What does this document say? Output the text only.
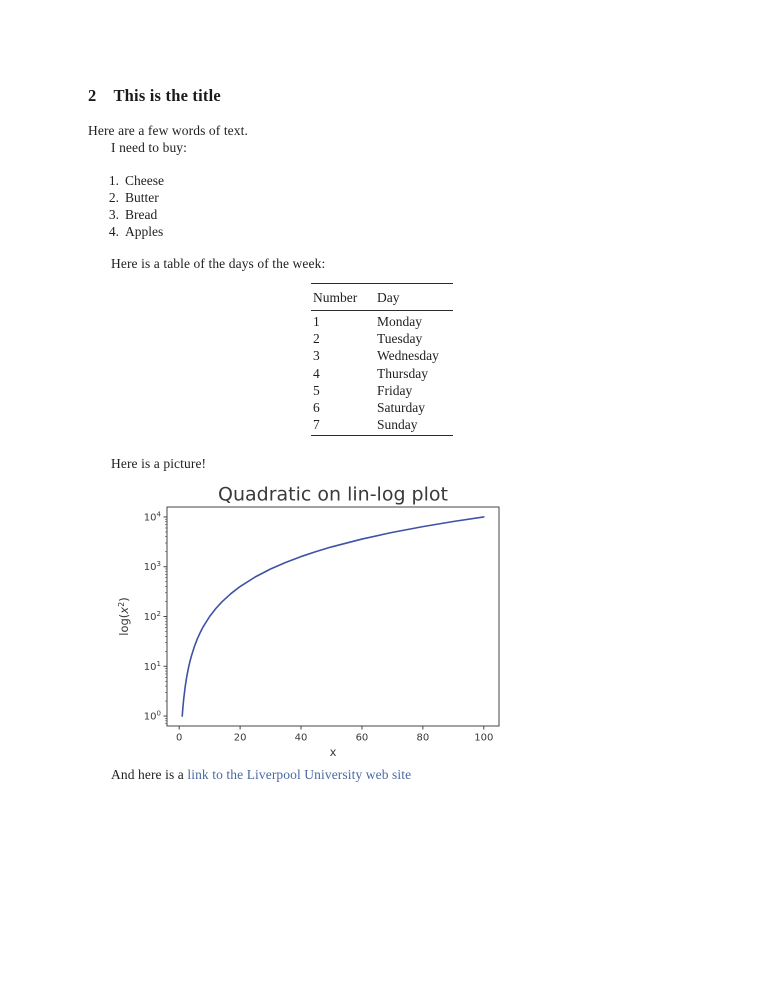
2 This is the title

Here are a few words of text.

I need to buy:

1. Cheese
2. Butter
3. Bread
4. Apples

Here is a table of the days of the week:

Number	Day
1	Monday
2	Tuesday
3	Wednesday
4	Thursday
5	Friday
6	Saturday
7	Sunday

Here is a picture!

Quadratic on lin-log plot
0	20	40	60	80	100
$10^0$
$10^1$
$10^2$
$10^3$
$10^4$
x
$\log(x^2)$

And here is a link to the Liverpool University web site
